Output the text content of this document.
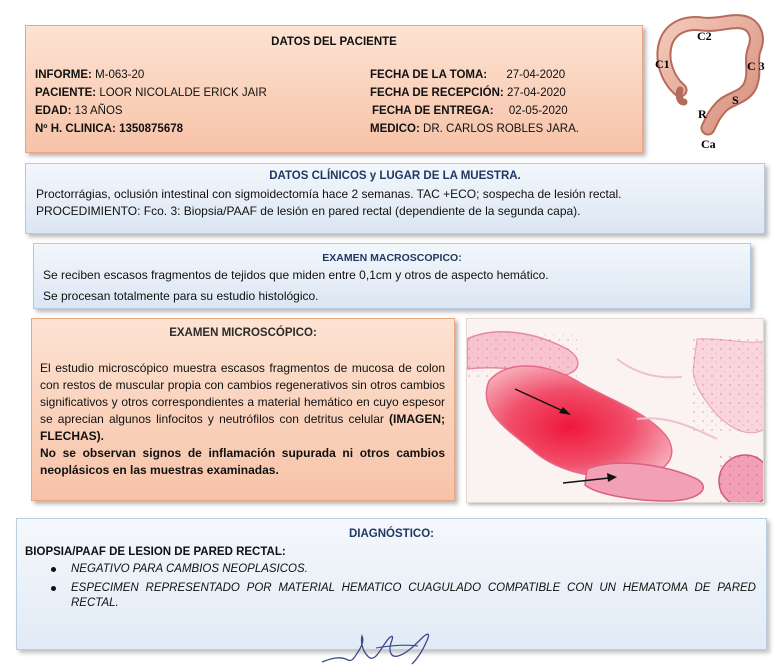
DATOS DEL PACIENTE
INFORME: M-063-20
PACIENTE: LOOR NICOLALDE ERICK JAIR
EDAD: 13 AÑOS
Nº H. CLINICA: 1350875678
FECHA DE LA TOMA: 27-04-2020
FECHA DE RECEPCIÓN: 27-04-2020
FECHA DE ENTREGA: 02-05-2020
MEDICO: DR. CARLOS ROBLES JARA.
C1
C2
C 3
S
R
Ca
DATOS CLÍNICOS y LUGAR DE LA MUESTRA.
Proctorrágias, oclusión intestinal con sigmoidectomía hace 2 semanas. TAC +ECO; sospecha de lesión rectal.
PROCEDIMIENTO: Fco. 3: Biopsia/PAAF de lesión en pared rectal (dependiente de la segunda capa).
EXAMEN MACROSCOPICO:
Se reciben escasos fragmentos de tejidos que miden entre 0,1cm y otros de aspecto hemático.
Se procesan totalmente para su estudio histológico.
EXAMEN MICROSCÓPICO:
El estudio microscópico muestra escasos fragmentos de mucosa de colon con restos de muscular propia con cambios regenerativos sin otros cambios significativos y otros correspondientes a material hemático en cuyo espesor se aprecian algunos linfocitos y neutrófilos con detritus celular (IMAGEN; FLECHAS).
No se observan signos de inflamación supurada ni otros cambios neoplásicos en las muestras examinadas.
DIAGNÓSTICO:
BIOPSIA/PAAF DE LESION DE PARED RECTAL:
NEGATIVO PARA CAMBIOS NEOPLASICOS.
ESPECIMEN REPRESENTADO POR MATERIAL HEMATICO CUAGULADO COMPATIBLE CON UN HEMATOMA DE PARED RECTAL.
